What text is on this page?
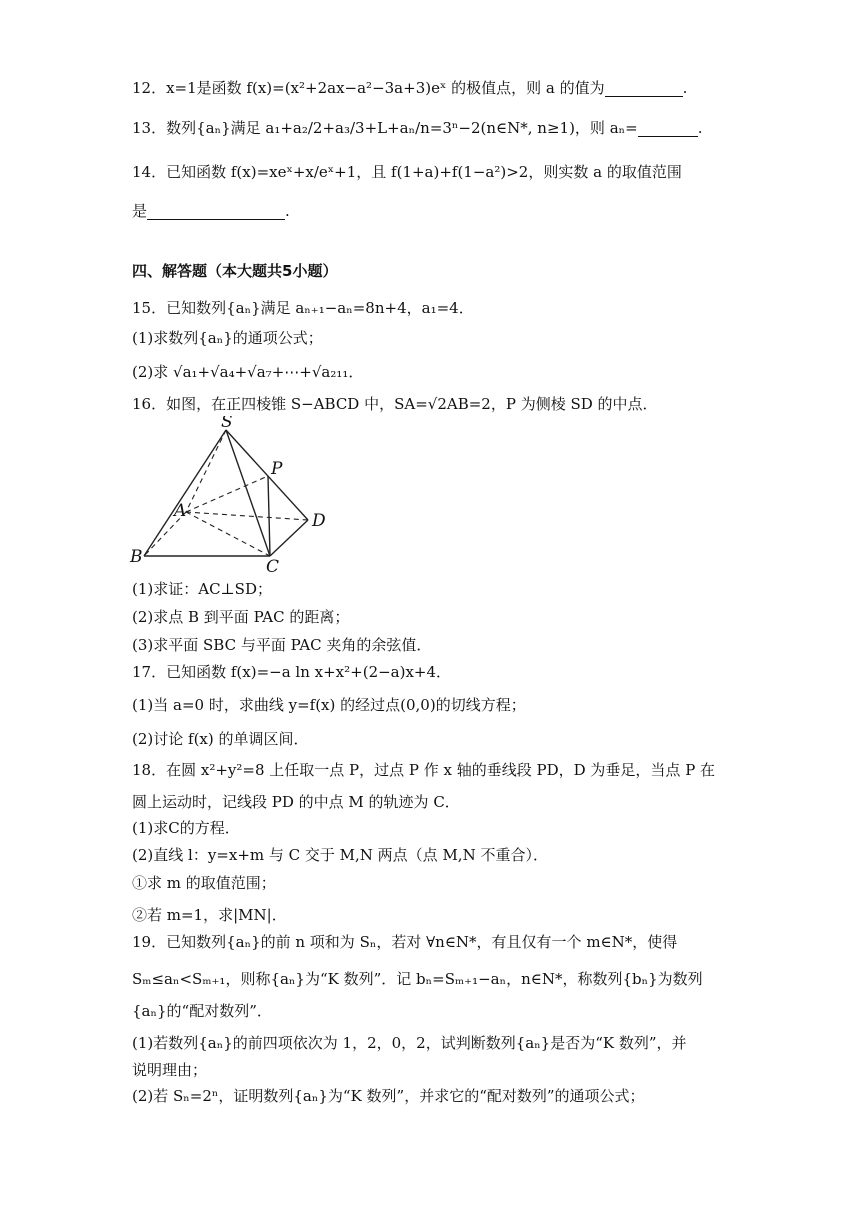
12．x=1是函数 f(x)=(x²+2ax−a²−3a+3)eˣ 的极值点，则 a 的值为	.
13．数列{aₙ}满足 a₁+a₂/2+a₃/3+L+aₙ/n=3ⁿ−2(n∈N*, n≥1)，则 aₙ=	.
14．已知函数 f(x)=xeˣ+x/eˣ+1，且 f(1+a)+f(1−a²)>2，则实数 a 的取值范围
是	.
四、解答题（本大题共5小题）
15．已知数列{aₙ}满足 aₙ₊₁−aₙ=8n+4，a₁=4．
(1)求数列{aₙ}的通项公式；
(2)求 √a₁+√a₄+√a₇+⋯+√a₂₁₁．
16．如图，在正四棱锥 S−ABCD 中，SA=√2AB=2，P 为侧棱 SD 的中点．
S
P
A	D
B	C
(1)求证：AC⊥SD；
(2)求点 B 到平面 PAC 的距离；
(3)求平面 SBC 与平面 PAC 夹角的余弦值．
17．已知函数 f(x)=−a ln x+x²+(2−a)x+4．
(1)当 a=0 时，求曲线 y=f(x) 的经过点(0,0)的切线方程；
(2)讨论 f(x) 的单调区间．
18．在圆 x²+y²=8 上任取一点 P，过点 P 作 x 轴的垂线段 PD，D 为垂足，当点 P 在
圆上运动时，记线段 PD 的中点 M 的轨迹为 C．
(1)求C的方程．
(2)直线 l：y=x+m 与 C 交于 M,N 两点（点 M,N 不重合）．
①求 m 的取值范围；
②若 m=1，求|MN|．
19．已知数列{aₙ}的前 n 项和为 Sₙ，若对 ∀n∈N*，有且仅有一个 m∈N*，使得
Sₘ≤aₙ<Sₘ₊₁，则称{aₙ}为“K 数列”．记 bₙ=Sₘ₊₁−aₙ，n∈N*，称数列{bₙ}为数列
{aₙ}的“配对数列”．
(1)若数列{aₙ}的前四项依次为 1，2，0，2，试判断数列{aₙ}是否为“K 数列”，并
说明理由；
(2)若 Sₙ=2ⁿ，证明数列{aₙ}为“K 数列”，并求它的“配对数列”的通项公式；
